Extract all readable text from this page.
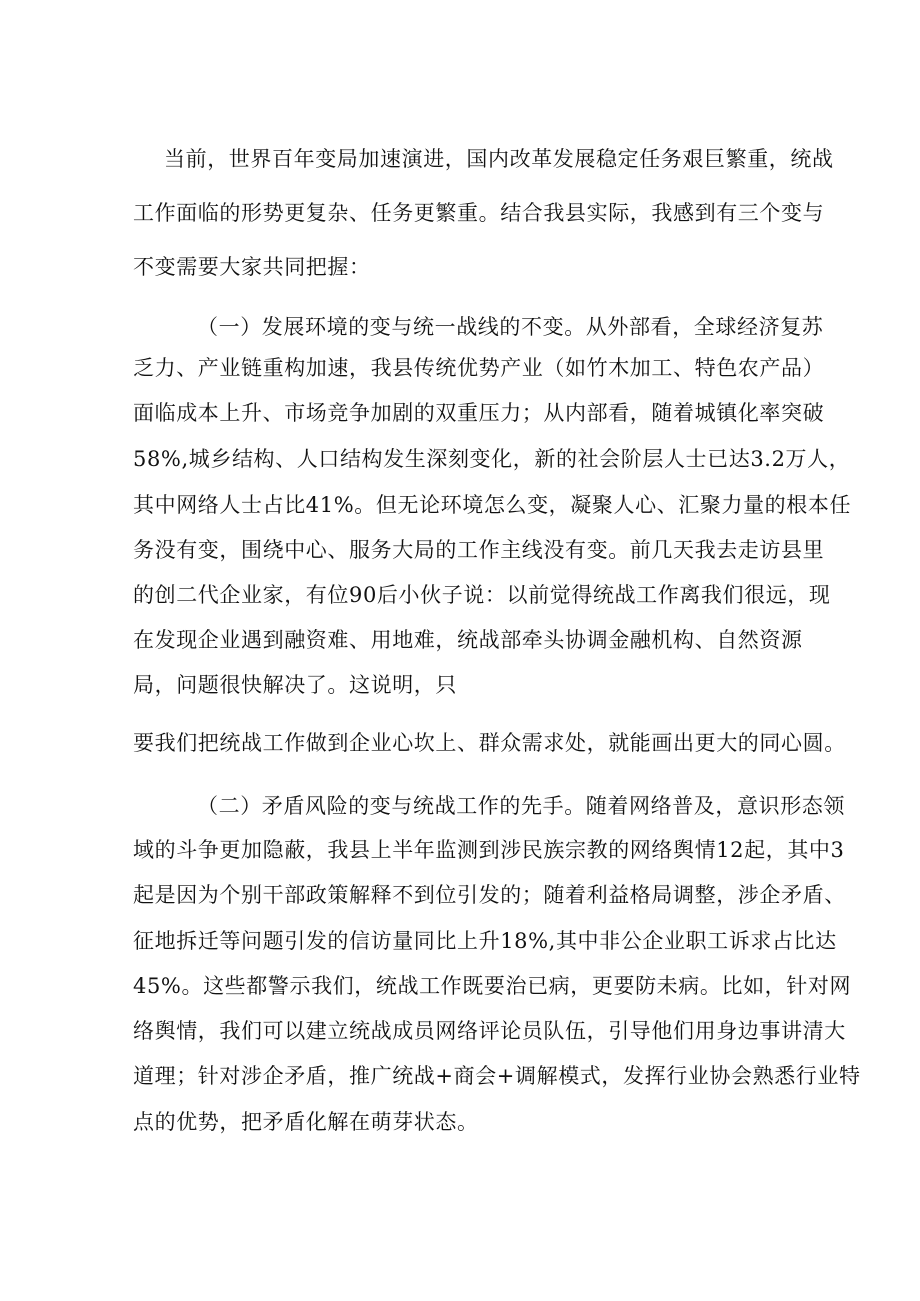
当前，世界百年变局加速演进，国内改革发展稳定任务艰巨繁重，统战
工作面临的形势更复杂、任务更繁重。结合我县实际，我感到有三个变与
不变需要大家共同把握：
（一）发展环境的变与统一战线的不变。从外部看，全球经济复苏
乏力、产业链重构加速，我县传统优势产业（如竹木加工、特色农产品）
面临成本上升、市场竞争加剧的双重压力；从内部看，随着城镇化率突破
58%,城乡结构、人口结构发生深刻变化，新的社会阶层人士已达3.2万人，
其中网络人士占比41%。但无论环境怎么变，凝聚人心、汇聚力量的根本任
务没有变，围绕中心、服务大局的工作主线没有变。前几天我去走访县里
的创二代企业家，有位90后小伙子说：以前觉得统战工作离我们很远，现
在发现企业遇到融资难、用地难，统战部牵头协调金融机构、自然资源
局，问题很快解决了。这说明，只
要我们把统战工作做到企业心坎上、群众需求处，就能画出更大的同心圆。
（二）矛盾风险的变与统战工作的先手。随着网络普及，意识形态领
域的斗争更加隐蔽，我县上半年监测到涉民族宗教的网络舆情12起，其中3
起是因为个别干部政策解释不到位引发的；随着利益格局调整，涉企矛盾、
征地拆迁等问题引发的信访量同比上升18%,其中非公企业职工诉求占比达
45%。这些都警示我们，统战工作既要治已病，更要防未病。比如，针对网
络舆情，我们可以建立统战成员网络评论员队伍，引导他们用身边事讲清大
道理；针对涉企矛盾，推广统战+商会+调解模式，发挥行业协会熟悉行业特
点的优势，把矛盾化解在萌芽状态。
